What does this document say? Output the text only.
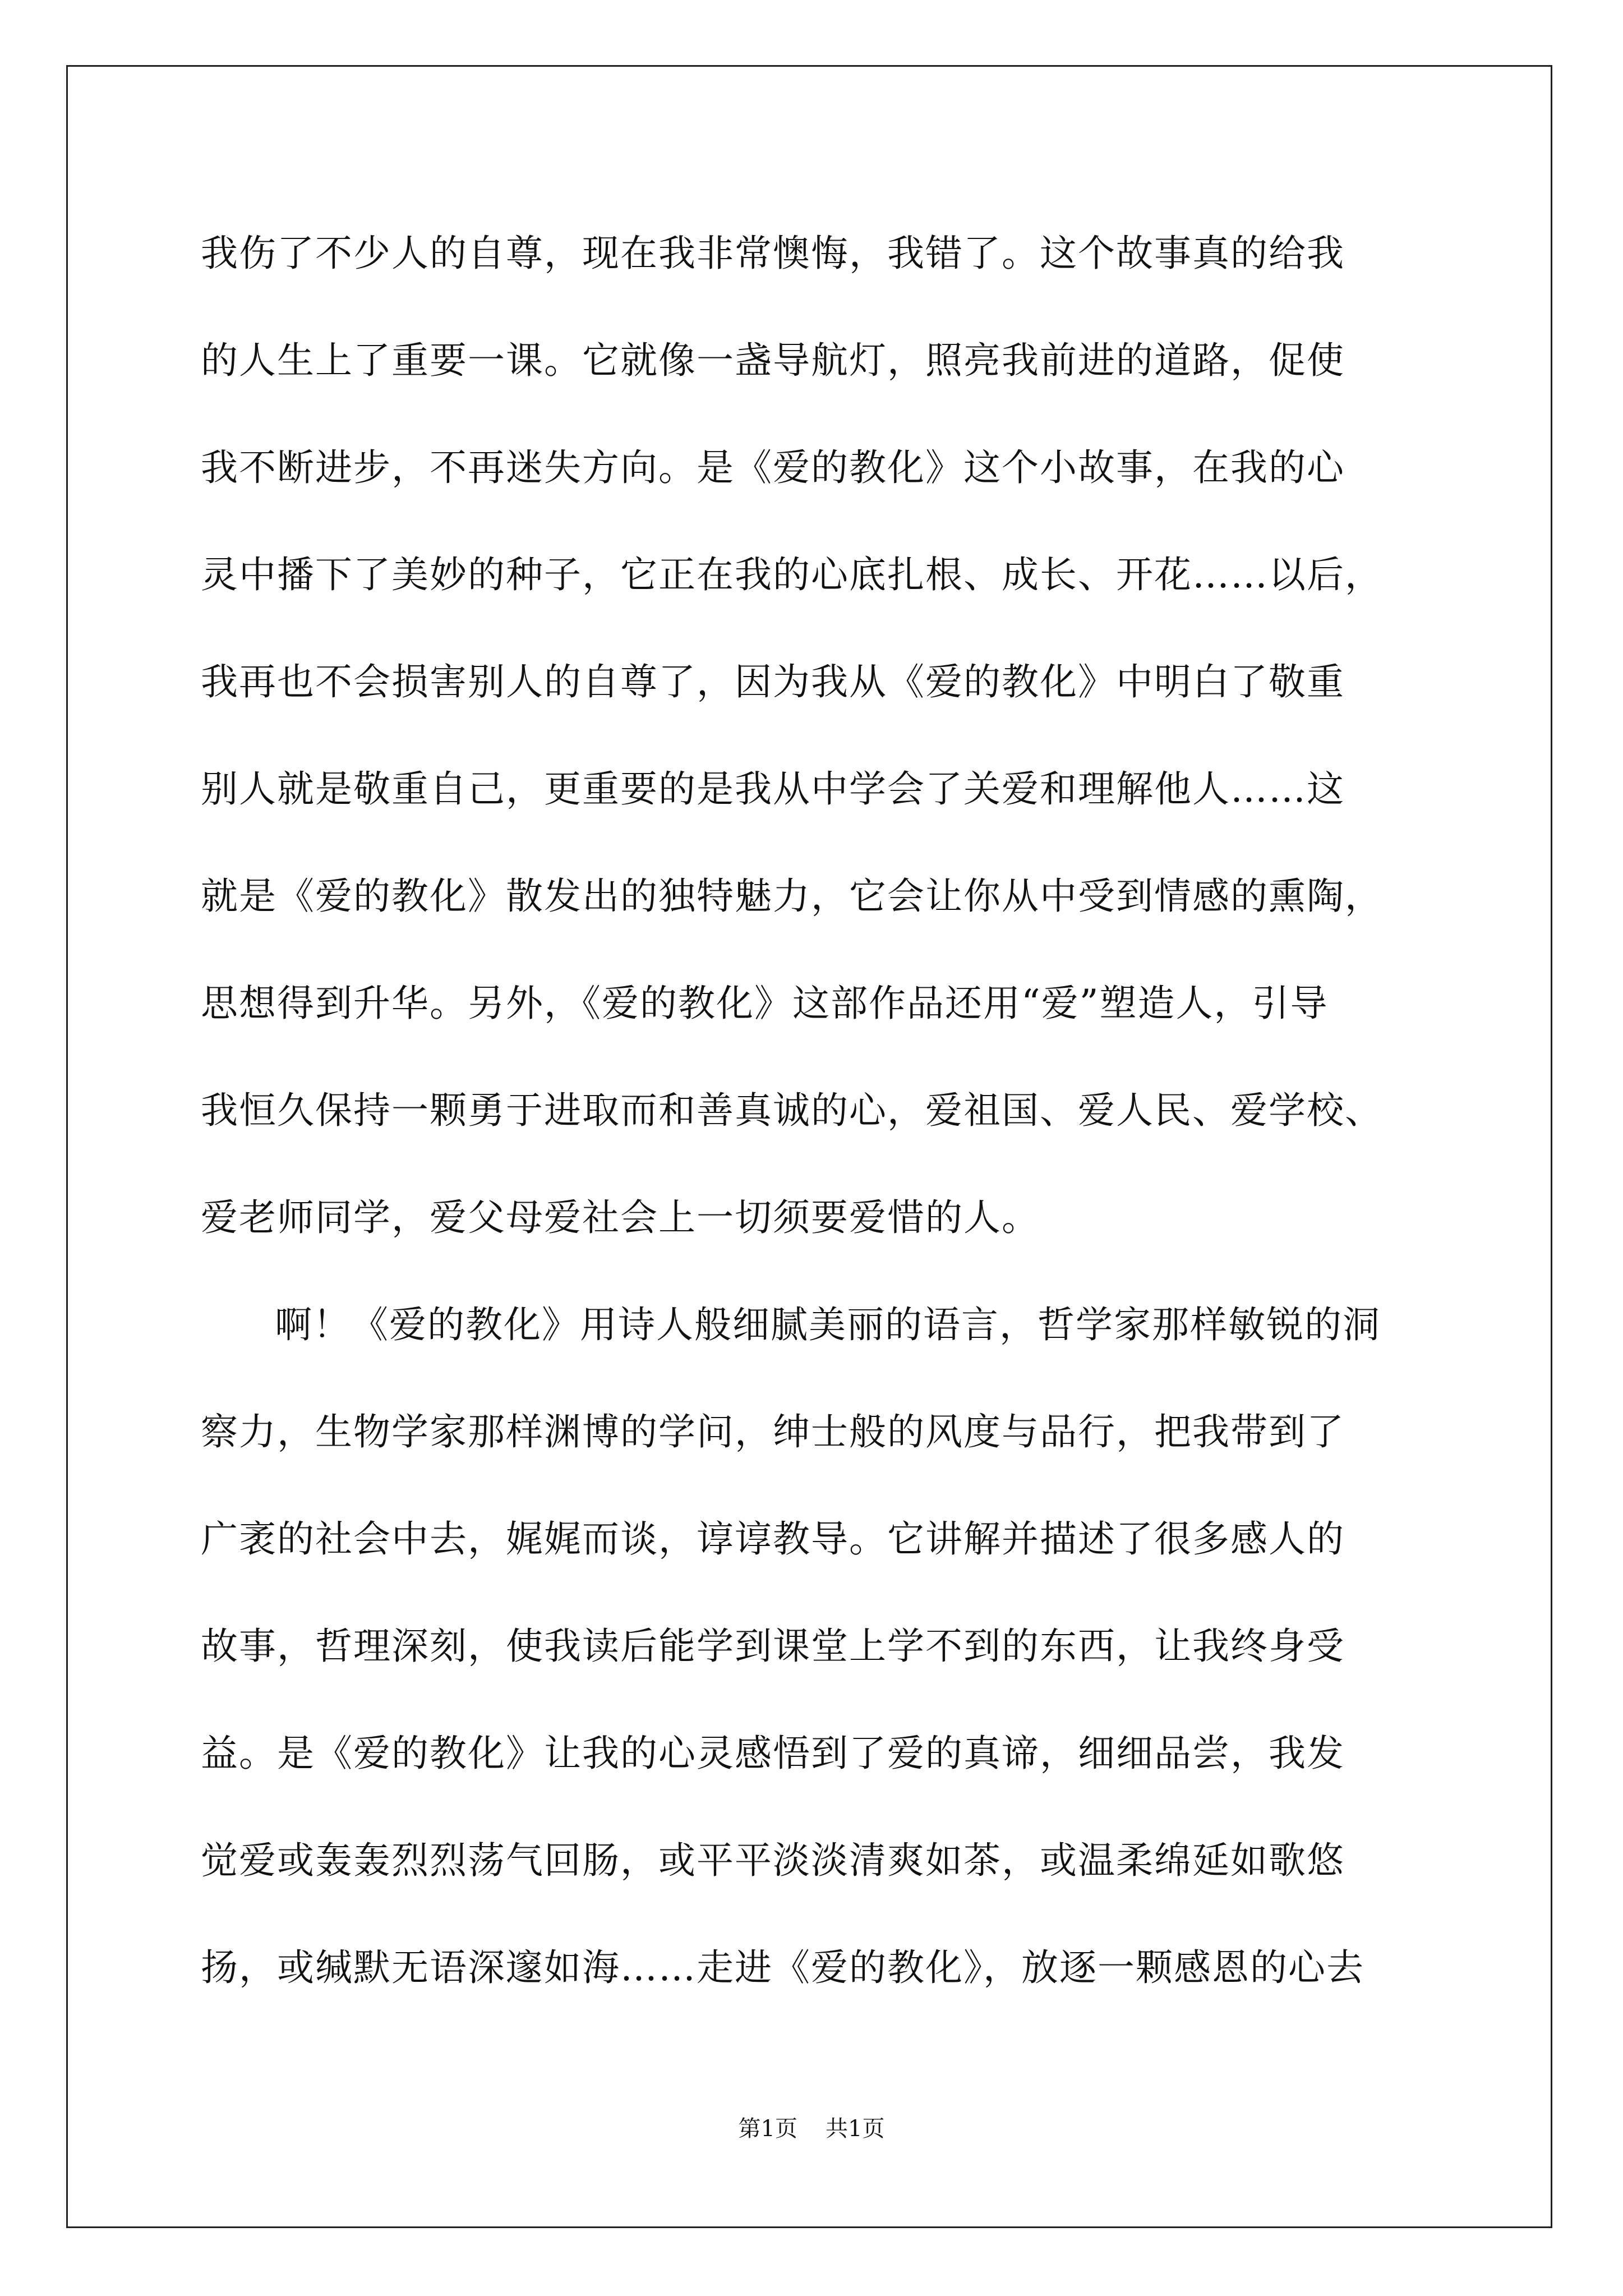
我伤了不少人的自尊，现在我非常懊悔，我错了。这个故事真的给我
的人生上了重要一课。它就像一盏导航灯，照亮我前进的道路，促使
我不断进步，不再迷失方向。是《爱的教化》这个小故事，在我的心
灵中播下了美妙的种子，它正在我的心底扎根、成长、开花……以后，
我再也不会损害别人的自尊了，因为我从《爱的教化》中明白了敬重
别人就是敬重自己，更重要的是我从中学会了关爱和理解他人……这
就是《爱的教化》散发出的独特魅力，它会让你从中受到情感的熏陶，
思想得到升华。另外，《爱的教化》这部作品还用“爱”塑造人，引导
我恒久保持一颗勇于进取而和善真诚的心，爱祖国、爱人民、爱学校、
爱老师同学，爱父母爱社会上一切须要爱惜的人。
啊！《爱的教化》用诗人般细腻美丽的语言，哲学家那样敏锐的洞
察力，生物学家那样渊博的学问，绅士般的风度与品行，把我带到了
广袤的社会中去，娓娓而谈，谆谆教导。它讲解并描述了很多感人的
故事，哲理深刻，使我读后能学到课堂上学不到的东西，让我终身受
益。是《爱的教化》让我的心灵感悟到了爱的真谛，细细品尝，我发
觉爱或轰轰烈烈荡气回肠，或平平淡淡清爽如茶，或温柔绵延如歌悠
扬，或缄默无语深邃如海……走进《爱的教化》，放逐一颗感恩的心去
第1页 共1页
